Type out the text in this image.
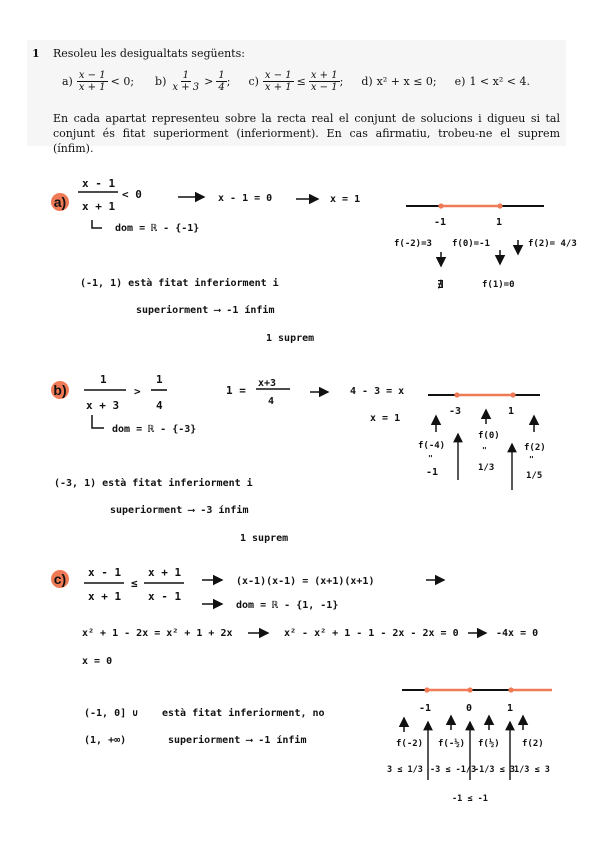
1 Resoleu les desigualtats següents:
a) x − 1
x + 1 < 0; b) 1
x + 3 > 1
4 ; $c) \frac{x - 1}{x + 1} \le \frac{x + 1}{x - 1}$ ; d) x² + x ≤ 0; e) 1 < x² < 4.
En cada apartat representeu sobre la recta real el conjunt de solucions i digueu si tal conjunt és fitat superiorment (inferiorment). En cas afirmatiu, trobeu-ne el suprem (ínfim).
a)
b)
c)
x - 1
x + 1
< 0	x - 1 = 0	x = 1
dom = ℝ - {-1}
-1	1
f(-2)=3 f(0)=-1	f(2)= 4/3
∄	f(1)=0
(-1, 1) està fitat inferiorment i
superiorment ⟶ -1 ínfim
1 suprem
1
x + 3
>
1
4
1 =
x+3
4
4 - 3 = x
x = 1
dom = ℝ - {-3}
-3	1
f(-4)
f(0)
f(2)
"
"
"
-1	1/3
1/5
(-3, 1) està fitat inferiorment i
superiorment ⟶ -3 ínfim
1 suprem
x - 1
x + 1
≤
x + 1
x - 1
(x-1)(x-1) = (x+1)(x+1)
dom = ℝ - {1, -1}
x² + 1 - 2x = x² + 1 + 2x	x² - x² + 1 - 1 - 2x - 2x = 0	-4x = 0
x = 0
-1	0	1
f(-2) f(-½) f(½) f(2)
3 ≤ 1/3 -3 ≤ -1/3
-1/3 ≤ 3 1/3 ≤ 3
-1 ≤ -1
(-1, 0] ∪ està fitat inferiorment, no
(1, +∞)	superiorment ⟶ -1 ínfim
